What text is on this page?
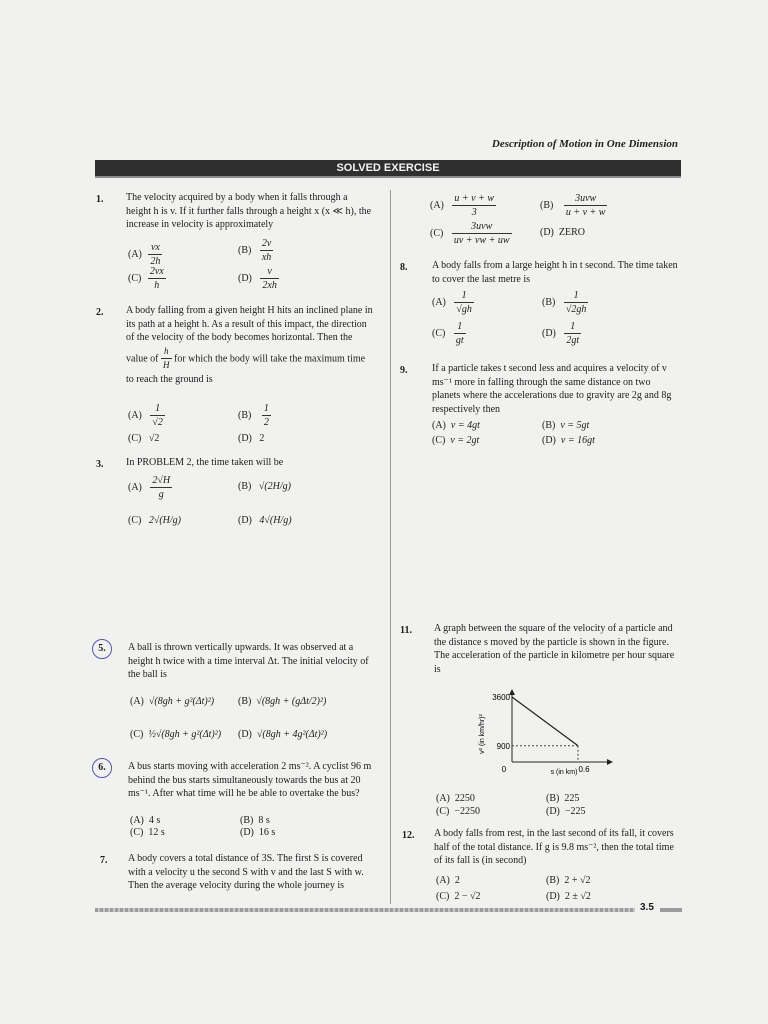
Description of Motion in One Dimension
SOLVED EXERCISE
1.	The velocity acquired by a body when it falls through a height h is v. If it further falls through a height x (x ≪ h), the increase in velocity is approximately
$(A) \frac{vx}{2h}$	$(B) \frac{2v}{xh}$
$(C) \frac{2vx}{h}$	$(D) \frac{v}{2xh}$
2.	A body falling from a given height H hits an inclined plane in its path at a height h. As a result of this impact, the direction of the velocity of the body becomes horizontal. Then the value of $\frac{h}{H}$ for which the body will take the maximum time to reach the ground is
$(A) \frac{1}{√2}$	$(B) \frac{1}{2}$
(C) √2	(D) 2
3.	In PROBLEM 2, the time taken will be
$(A) \frac{2√H}{g}$	(B) √(2H/g)
(C) 2√(H/g)	(D) 4√(H/g)
5.	A ball is thrown vertically upwards. It was observed at a height h twice with a time interval Δt. The initial velocity of the ball is
(A) √(8gh + g²(Δt)²) (B) √(8gh + (gΔt/2)²)
(C) ½√(8gh + g²(Δt)²) (D) √(8gh + 4g²(Δt)²)
6.	A bus starts moving with acceleration 2 ms⁻². A cyclist 96 m behind the bus starts simultaneously towards the bus at 20 ms⁻¹. After what time will he be able to overtake the bus?
(A) 4 s	(B) 8 s
(C) 12 s	(D) 16 s
7.	A body covers a total distance of 3S. The first S is covered with a velocity u the second S with v and the last S with w. Then the average velocity during the whole journey is
$(A) \frac{u + v + w}{3}$	$(B) \frac{\text{3uvw}}{u + v + w}$
$(C) \frac{\text{3uvw}}{uv + vw + uw}$	(D) ZERO
8.	A body falls from a large height h in t second. The time taken to cover the last metre is
$(A) \frac{1}{√gh}$	$(B) \frac{1}{√2gh}$
$(C) \frac{1}{gt}$	$(D) \frac{1}{2gt}$
9.	If a particle takes t second less and acquires a velocity of v ms⁻¹ more in falling through the same distance on two planets where the accelerations due to gravity are 2g and 8g respectively then
(A) v = 4gt	(B) v = 5gt
(C) v = 2gt	(D) v = 16gt
11.	A graph between the square of the velocity of a particle and the distance s moved by the particle is shown in the figure. The acceleration of the particle in kilometre per hour square is
3600
900
0.6
0
v² (in km/hr)²
s (in km)
(A) 2250	(B) 225
(C) −2250	(D) −225
12.	A body falls from rest, in the last second of its fall, it covers half of the total distance. If g is 9.8 ms⁻², then the total time of its fall is (in second)
(A) 2	(B) 2 + √2
(C) 2 − √2	(D) 2 ± √2
3.5
